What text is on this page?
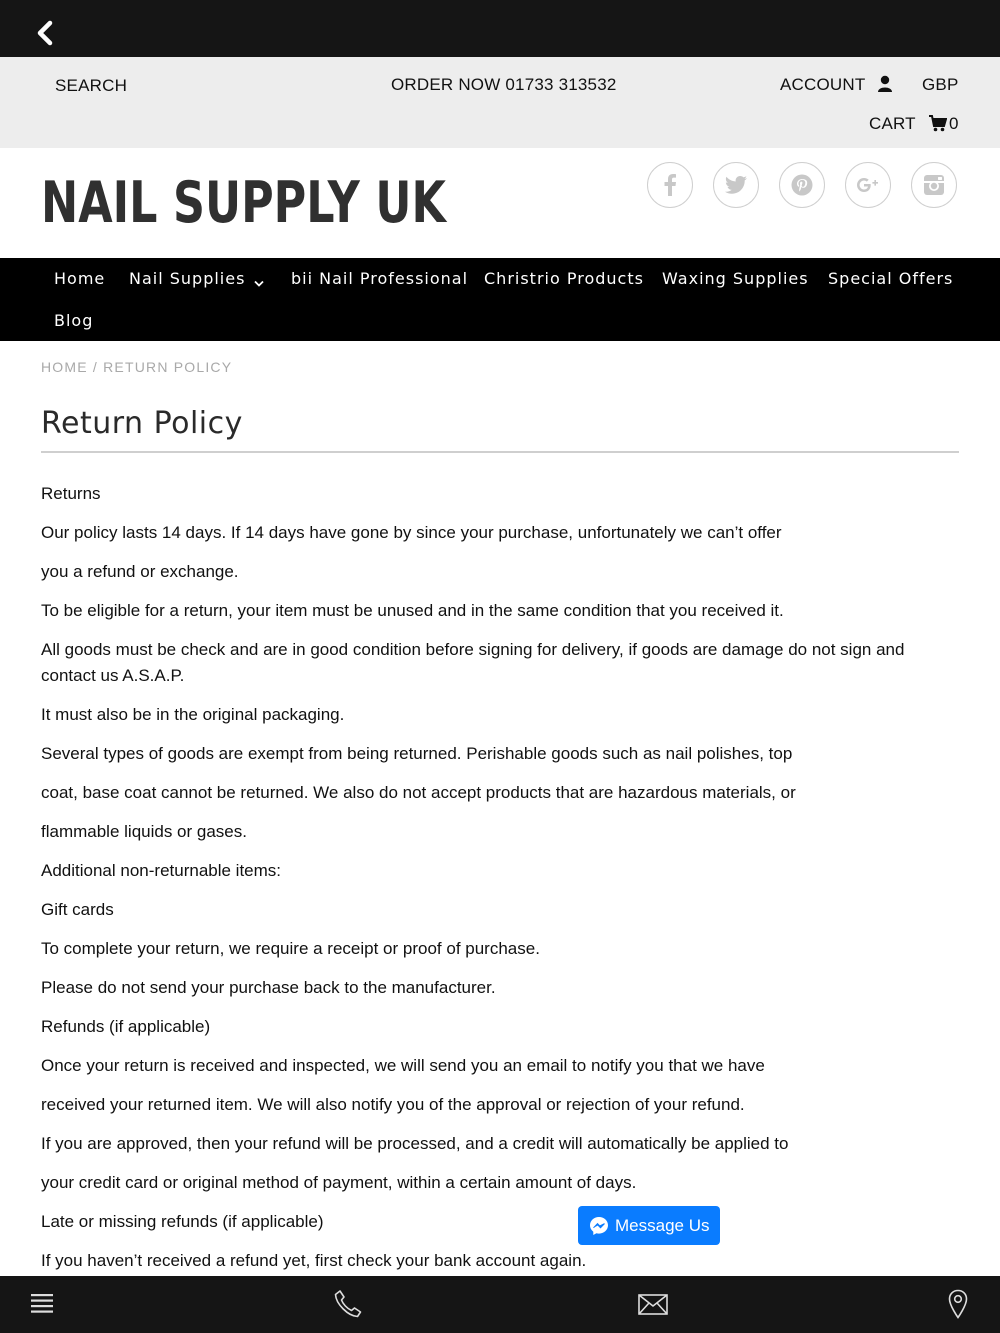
SEARCH	ORDER NOW 01733 313532	ACCOUNT	GBP
CART 0
NAIL SUPPLY UK
Home Nail Supplies	bii Nail Professional Christrio Products Waxing Supplies Special Offers
Blog
HOME / RETURN POLICY
Return Policy
Returns
Our policy lasts 14 days. If 14 days have gone by since your purchase, unfortunately we can’t offer
you a refund or exchange.
To be eligible for a return, your item must be unused and in the same condition that you received it.
All goods must be check and are in good condition before signing for delivery, if goods are damage do not sign and contact us A.S.A.P.
It must also be in the original packaging.
Several types of goods are exempt from being returned. Perishable goods such as nail polishes, top
coat, base coat cannot be returned. We also do not accept products that are hazardous materials, or
flammable liquids or gases.
Additional non-returnable items:
Gift cards
To complete your return, we require a receipt or proof of purchase.
Please do not send your purchase back to the manufacturer.
Refunds (if applicable)
Once your return is received and inspected, we will send you an email to notify you that we have
received your returned item. We will also notify you of the approval or rejection of your refund.
If you are approved, then your refund will be processed, and a credit will automatically be applied to
your credit card or original method of payment, within a certain amount of days.
Late or missing refunds (if applicable)
If you haven’t received a refund yet, first check your bank account again.
Message Us
